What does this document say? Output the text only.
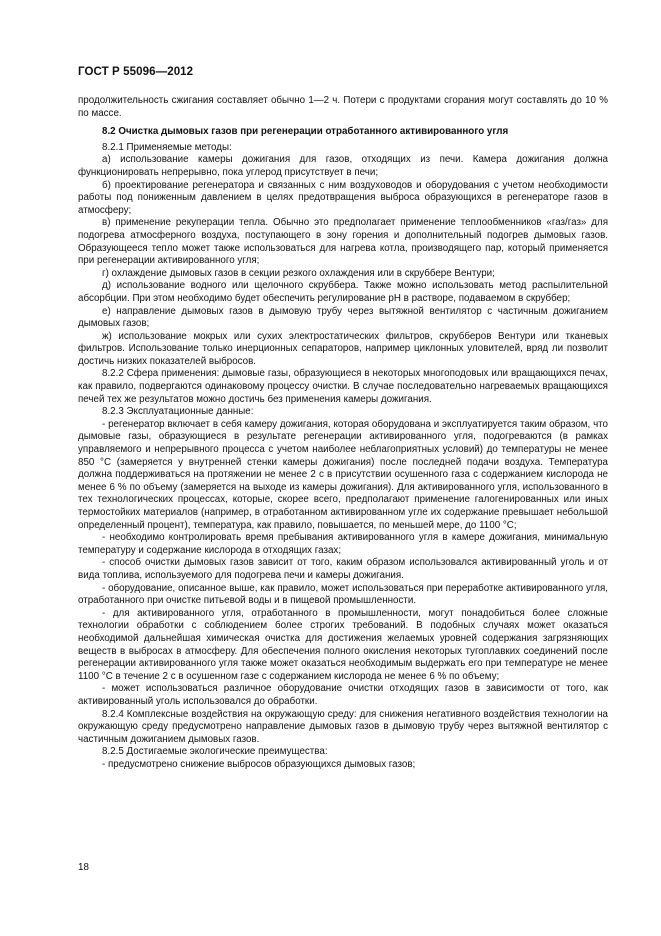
ГОСТ Р 55096—2012

продолжительность сжигания составляет обычно 1—2 ч. Потери с продуктами сгорания могут составлять до 10 % по массе.

8.2 Очистка дымовых газов при регенерации отработанного активированного угля

8.2.1 Применяемые методы:

а) использование камеры дожигания для газов, отходящих из печи. Камера дожигания должна функционировать непрерывно, пока углерод присутствует в печи;

б) проектирование регенератора и связанных с ним воздуховодов и оборудования с учетом необходимости работы под пониженным давлением в целях предотвращения выброса образующихся в регенераторе газов в атмосферу;

в) применение рекуперации тепла. Обычно это предполагает применение теплообменников «газ/газ» для подогрева атмосферного воздуха, поступающего в зону горения и дополнительный подогрев дымовых газов. Образующееся тепло может также использоваться для нагрева котла, производящего пар, который применяется при регенерации активированного угля;

г) охлаждение дымовых газов в секции резкого охлаждения или в скруббере Вентури;

д) использование водного или щелочного скруббера. Также можно использовать метод распылительной абсорбции. При этом необходимо будет обеспечить регулирование рН в растворе, подаваемом в скруббер;

е) направление дымовых газов в дымовую трубу через вытяжной вентилятор с частичным дожиганием дымовых газов;

ж) использование мокрых или сухих электростатических фильтров, скрубберов Вентури или тканевых фильтров. Использование только инерционных сепараторов, например циклонных уловителей, вряд ли позволит достичь низких показателей выбросов.

8.2.2 Сфера применения: дымовые газы, образующиеся в некоторых многоподовых или вращающихся печах, как правило, подвергаются одинаковому процессу очистки. В случае последовательно нагреваемых вращающихся печей тех же результатов можно достичь без применения камеры дожигания.

8.2.3 Эксплуатационные данные:

- регенератор включает в себя камеру дожигания, которая оборудована и эксплуатируется таким образом, что дымовые газы, образующиеся в результате регенерации активированного угля, подогреваются (в рамках управляемого и непрерывного процесса с учетом наиболее неблагоприятных условий) до температуры не менее 850 °С (замеряется у внутренней стенки камеры дожигания) после последней подачи воздуха. Температура должна поддерживаться на протяжении не менее 2 с в присутствии осушенного газа с содержанием кислорода не менее 6 % по объему (замеряется на выходе из камеры дожигания). Для активированного угля, использованного в тех технологических процессах, которые, скорее всего, предполагают применение галогенированных или иных термостойких материалов (например, в отработанном активированном угле их содержание превышает небольшой определенный процент), температура, как правило, повышается, по меньшей мере, до 1100 °С;

- необходимо контролировать время пребывания активированного угля в камере дожигания, минимальную температуру и содержание кислорода в отходящих газах;

- способ очистки дымовых газов зависит от того, каким образом использовался активированный уголь и от вида топлива, используемого для подогрева печи и камеры дожигания.

- оборудование, описанное выше, как правило, может использоваться при переработке активированного угля, отработанного при очистке питьевой воды и в пищевой промышленности.

- для активированного угля, отработанного в промышленности, могут понадобиться более сложные технологии обработки с соблюдением более строгих требований. В подобных случаях может оказаться необходимой дальнейшая химическая очистка для достижения желаемых уровней содержания загрязняющих веществ в выбросах в атмосферу. Для обеспечения полного окисления некоторых тугоплавких соединений после регенерации активированного угля также может оказаться необходимым выдержать его при температуре не менее 1100 °С в течение 2 с в осушенном газе с содержанием кислорода не менее 6 % по объему;

- может использоваться различное оборудование очистки отходящих газов в зависимости от того, как активированный уголь использовался до обработки.

8.2.4 Комплексные воздействия на окружающую среду: для снижения негативного воздействия технологии на окружающую среду предусмотрено направление дымовых газов в дымовую трубу через вытяжной вентилятор с частичным дожиганием дымовых газов.

8.2.5 Достигаемые экологические преимущества:

- предусмотрено снижение выбросов образующихся дымовых газов;

18
